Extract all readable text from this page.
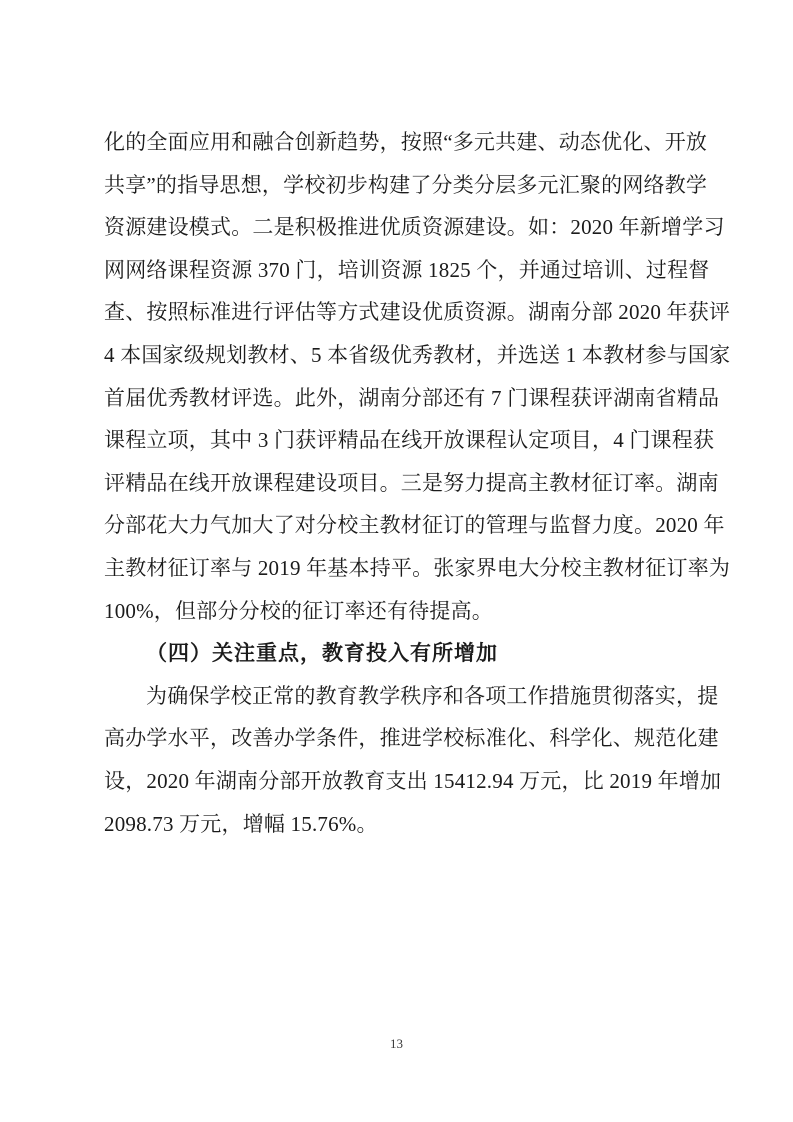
化的全面应用和融合创新趋势，按照“多元共建、动态优化、开放
共享”的指导思想，学校初步构建了分类分层多元汇聚的网络教学
资源建设模式。二是积极推进优质资源建设。如：2020 年新增学习
网网络课程资源 370 门，培训资源 1825 个，并通过培训、过程督
查、按照标准进行评估等方式建设优质资源。湖南分部 2020 年获评
4 本国家级规划教材、5 本省级优秀教材，并选送 1 本教材参与国家
首届优秀教材评选。此外，湖南分部还有 7 门课程获评湖南省精品
课程立项，其中 3 门获评精品在线开放课程认定项目，4 门课程获
评精品在线开放课程建设项目。三是努力提高主教材征订率。湖南
分部花大力气加大了对分校主教材征订的管理与监督力度。2020 年
主教材征订率与 2019 年基本持平。张家界电大分校主教材征订率为
100%，但部分分校的征订率还有待提高。
（四）关注重点，教育投入有所增加
为确保学校正常的教育教学秩序和各项工作措施贯彻落实，提
高办学水平，改善办学条件，推进学校标准化、科学化、规范化建
设，2020 年湖南分部开放教育支出 15412.94 万元，比 2019 年增加
2098.73 万元，增幅 15.76%。
13
